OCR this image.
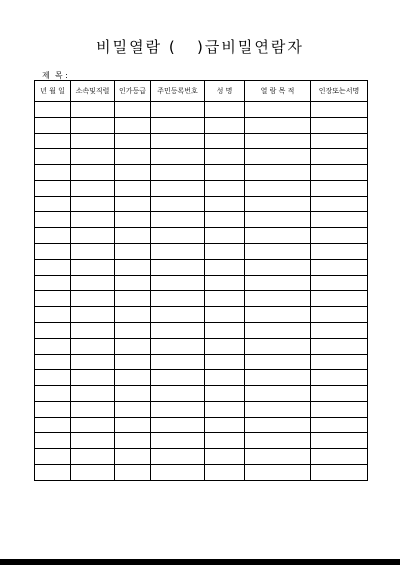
비밀열람 (   )급비밀연람자
제  목 :
년 월 일	소속및직렬	인가등급	주민등록번호	성 명	열 람 목 적	인장또는서명
